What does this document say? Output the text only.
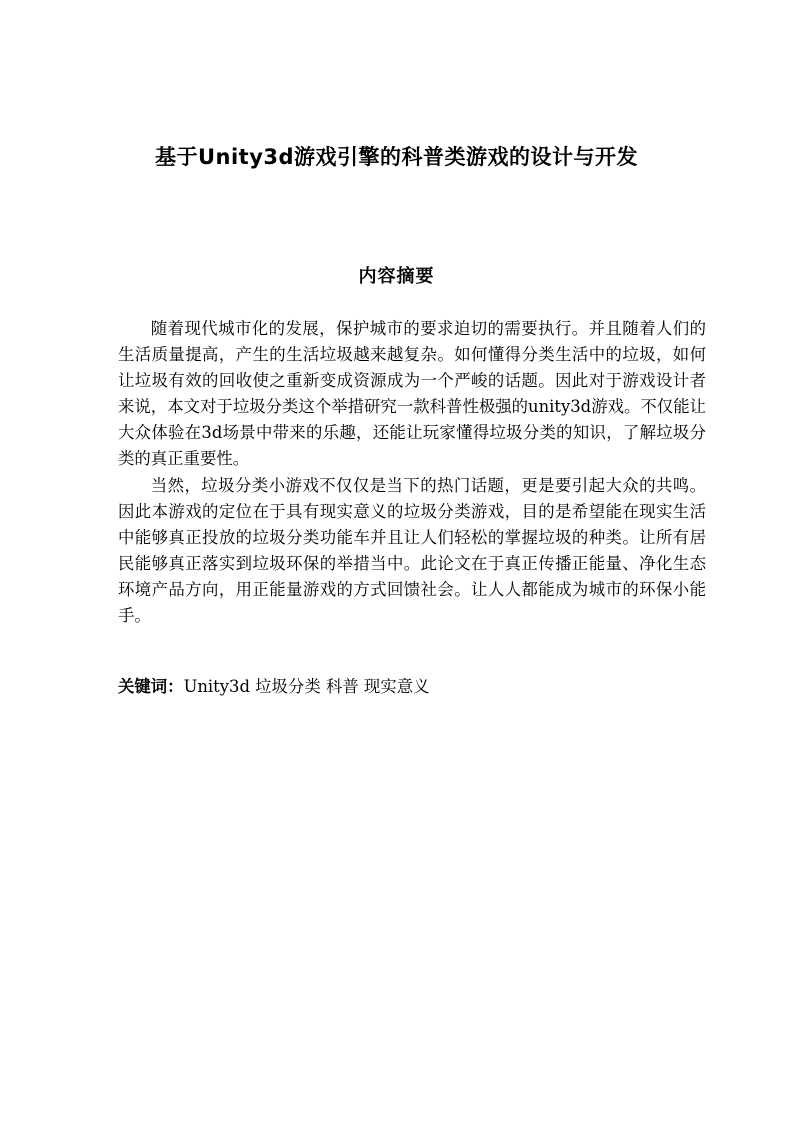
基于Unity3d游戏引擎的科普类游戏的设计与开发
内容摘要

随着现代城市化的发展，保护城市的要求迫切的需要执行。并且随着人们的生活质量提高，产生的生活垃圾越来越复杂。如何懂得分类生活中的垃圾，如何让垃圾有效的回收使之重新变成资源成为一个严峻的话题。因此对于游戏设计者来说，本文对于垃圾分类这个举措研究一款科普性极强的unity3d游戏。不仅能让大众体验在3d场景中带来的乐趣，还能让玩家懂得垃圾分类的知识，了解垃圾分类的真正重要性。

当然，垃圾分类小游戏不仅仅是当下的热门话题，更是要引起大众的共鸣。因此本游戏的定位在于具有现实意义的垃圾分类游戏，目的是希望能在现实生活中能够真正投放的垃圾分类功能车并且让人们轻松的掌握垃圾的种类。让所有居民能够真正落实到垃圾环保的举措当中。此论文在于真正传播正能量、净化生态环境产品方向，用正能量游戏的方式回馈社会。让人人都能成为城市的环保小能手。

关键词：Unity3d 垃圾分类 科普 现实意义
